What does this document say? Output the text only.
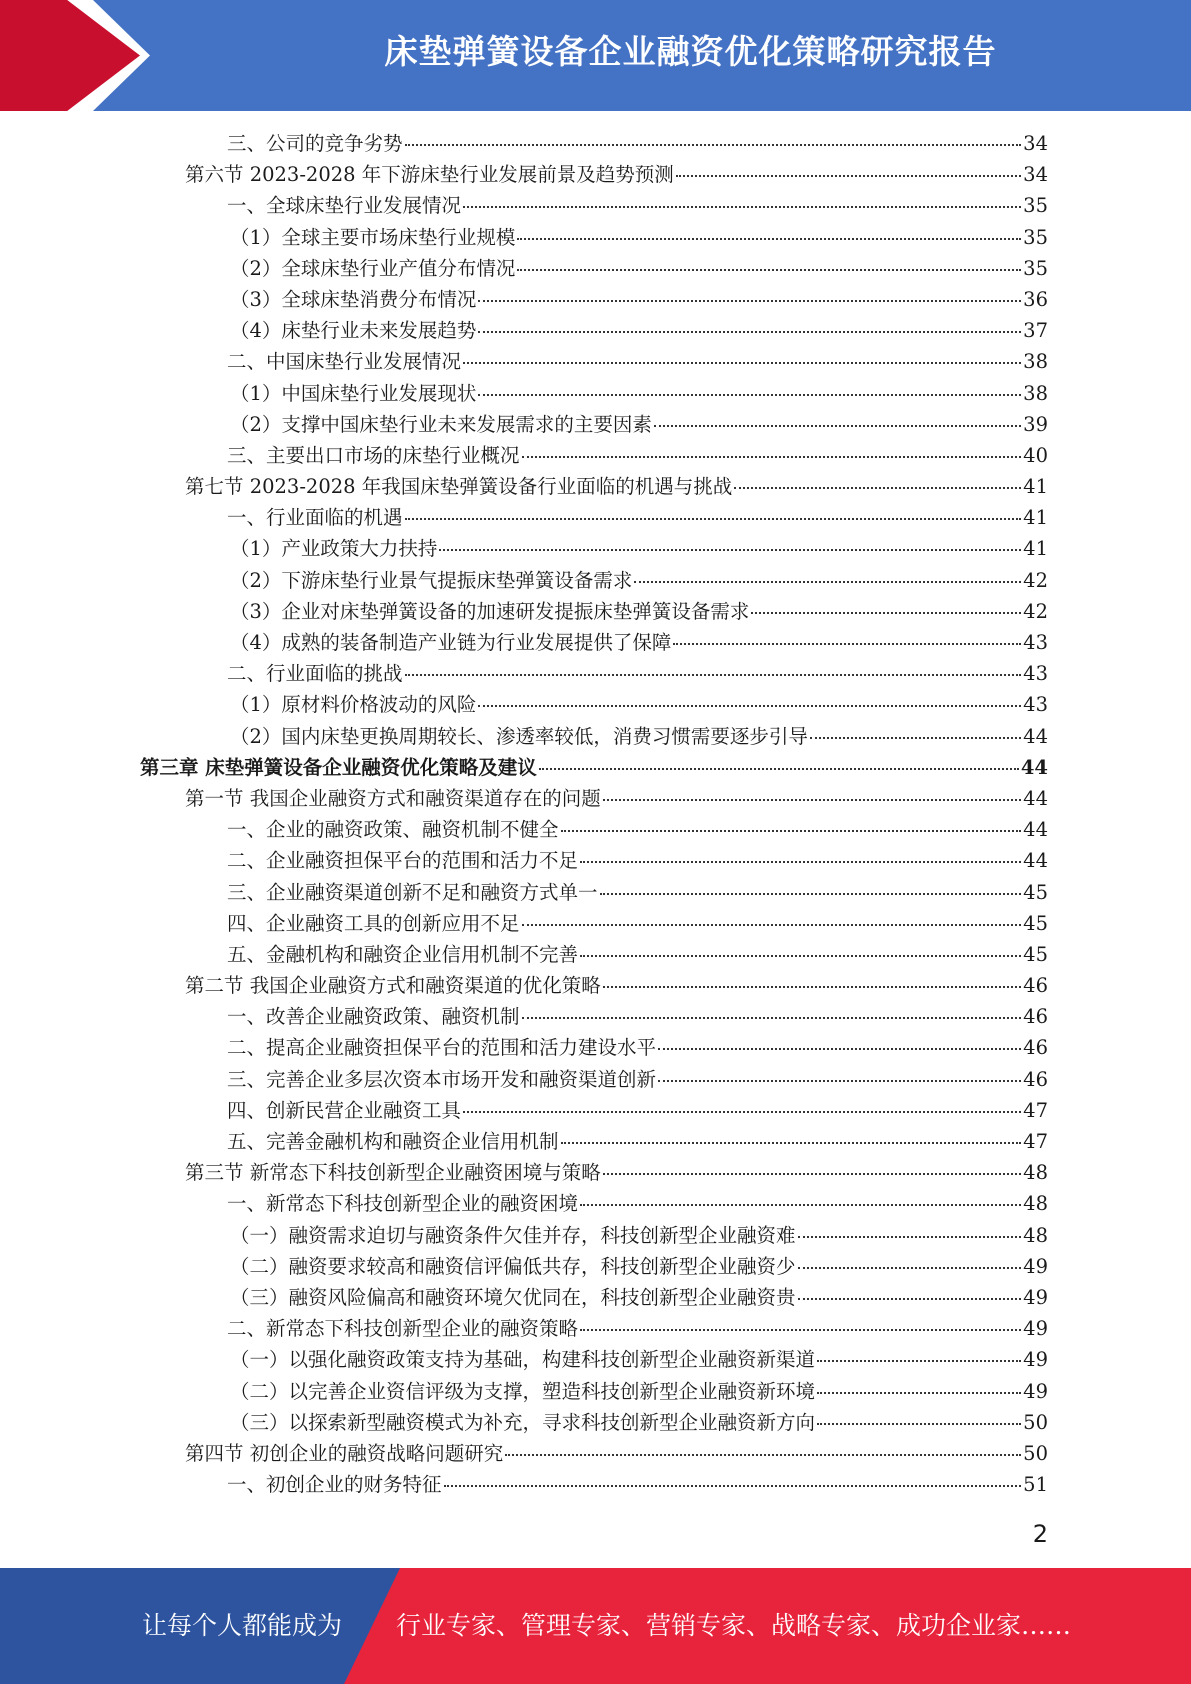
床垫弹簧设备企业融资优化策略研究报告
三、公司的竞争劣势	34
第六节 2023-2028 年下游床垫行业发展前景及趋势预测	34
一、全球床垫行业发展情况	35
（1）全球主要市场床垫行业规模	35
（2）全球床垫行业产值分布情况	35
（3）全球床垫消费分布情况	36
（4）床垫行业未来发展趋势	37
二、中国床垫行业发展情况	38
（1）中国床垫行业发展现状	38
（2）支撑中国床垫行业未来发展需求的主要因素	39
三、主要出口市场的床垫行业概况	40
第七节 2023-2028 年我国床垫弹簧设备行业面临的机遇与挑战	41
一、行业面临的机遇	41
（1）产业政策大力扶持	41
（2）下游床垫行业景气提振床垫弹簧设备需求	42
（3）企业对床垫弹簧设备的加速研发提振床垫弹簧设备需求	42
（4）成熟的装备制造产业链为行业发展提供了保障	43
二、行业面临的挑战	43
（1）原材料价格波动的风险	43
（2）国内床垫更换周期较长、渗透率较低，消费习惯需要逐步引导	44
第三章 床垫弹簧设备企业融资优化策略及建议	44
第一节 我国企业融资方式和融资渠道存在的问题	44
一、企业的融资政策、融资机制不健全	44
二、企业融资担保平台的范围和活力不足	44
三、企业融资渠道创新不足和融资方式单一	45
四、企业融资工具的创新应用不足	45
五、金融机构和融资企业信用机制不完善	45
第二节 我国企业融资方式和融资渠道的优化策略	46
一、改善企业融资政策、融资机制	46
二、提高企业融资担保平台的范围和活力建设水平	46
三、完善企业多层次资本市场开发和融资渠道创新	46
四、创新民营企业融资工具	47
五、完善金融机构和融资企业信用机制	47
第三节 新常态下科技创新型企业融资困境与策略	48
一、新常态下科技创新型企业的融资困境	48
（一）融资需求迫切与融资条件欠佳并存，科技创新型企业融资难	48
（二）融资要求较高和融资信评偏低共存，科技创新型企业融资少	49
（三）融资风险偏高和融资环境欠优同在，科技创新型企业融资贵	49
二、新常态下科技创新型企业的融资策略	49
（一）以强化融资政策支持为基础，构建科技创新型企业融资新渠道	49
（二）以完善企业资信评级为支撑，塑造科技创新型企业融资新环境	49
（三）以探索新型融资模式为补充，寻求科技创新型企业融资新方向	50
第四节 初创企业的融资战略问题研究	50
一、初创企业的财务特征	51
2
让每个人都能成为 行业专家、管理专家、营销专家、战略专家、成功企业家……
